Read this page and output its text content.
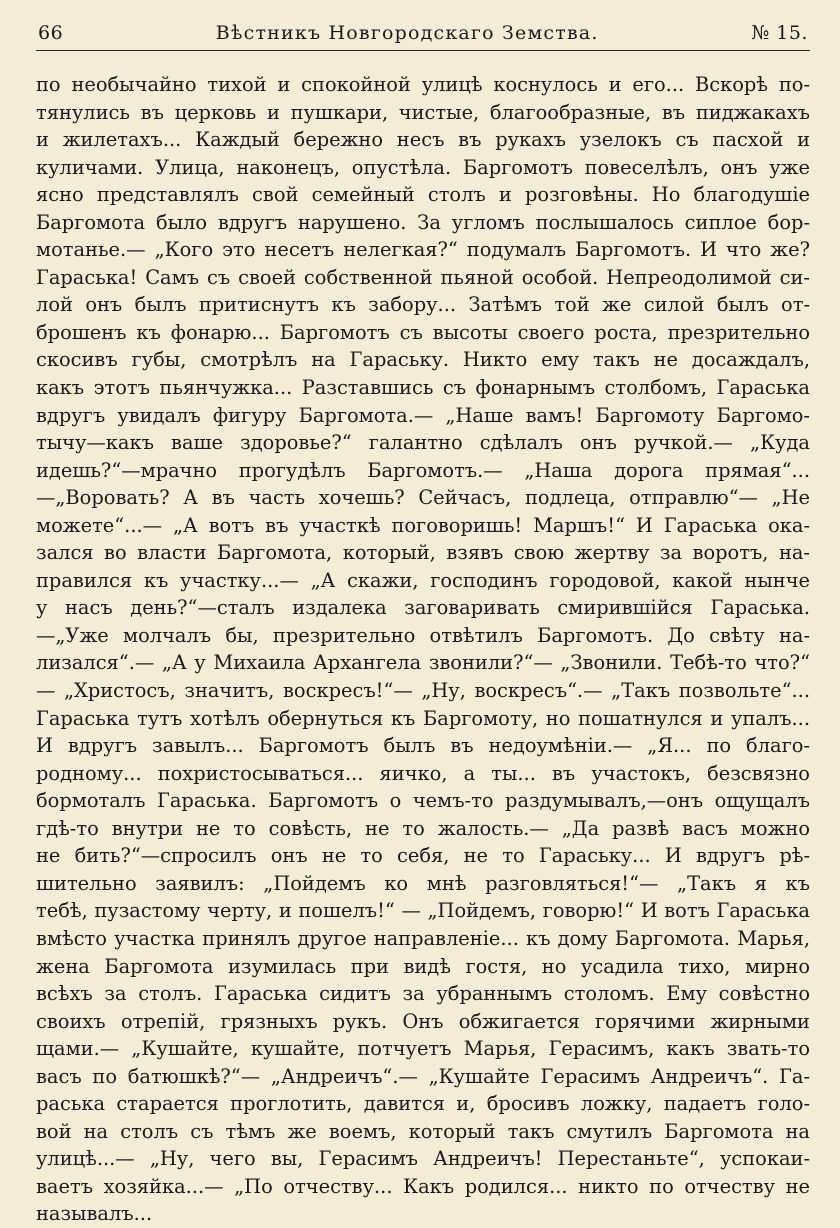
66	Вѣстникъ Новгородскаго Земства.	№ 15.
по необычайно тихой и спокойной улицѣ коснулось и его... Вскорѣ по-
тянулись въ церковь и пушкари, чистые, благообразные, въ пиджакахъ
и жилетахъ... Каждый бережно несъ въ рукахъ узелокъ съ пасхой и
куличами. Улица, наконецъ, опустѣла. Баргомотъ повеселѣлъ, онъ уже
ясно представлялъ свой семейный столъ и розговѣны. Но благодушіе
Баргомота было вдругъ нарушено. За угломъ послышалось сиплое бор-
мотанье.— „Кого это несетъ нелегкая?“ подумалъ Баргомотъ. И что же?
Гараська! Самъ съ своей собственной пьяной особой. Непреодолимой си-
лой онъ былъ притиснутъ къ забору... Затѣмъ той же силой былъ от-
брошенъ къ фонарю... Баргомотъ съ высоты своего роста, презрительно
скосивъ губы, смотрѣлъ на Гараську. Никто ему такъ не досаждалъ,
какъ этотъ пьянчужка... Разставшись съ фонарнымъ столбомъ, Гараська
вдругъ увидалъ фигуру Баргомота.— „Наше вамъ! Баргомоту Баргомо-
тычу—какъ ваше здоровье?“ галантно сдѣлалъ онъ ручкой.— „Куда
идешь?“—мрачно прогудѣлъ Баргомотъ.— „Наша дорога прямая“...
—„Воровать? А въ часть хочешь? Сейчасъ, подлеца, отправлю“— „Не
можете“...— „А вотъ въ участкѣ поговоришь! Маршъ!“ И Гараська ока-
зался во власти Баргомота, который, взявъ свою жертву за воротъ, на-
правился къ участку...— „А скажи, господинъ городовой, какой нынче
у насъ день?“—сталъ издалека заговаривать смирившійся Гараська.
—„Уже молчалъ бы, презрительно отвѣтилъ Баргомотъ. До свѣту на-
лизался“.— „А у Михаила Архангела звонили?“— „Звонили. Тебѣ-то что?“
— „Христосъ, значитъ, воскресъ!“— „Ну, воскресъ“.— „Такъ позвольте“...
Гараська тутъ хотѣлъ обернуться къ Баргомоту, но пошатнулся и упалъ...
И вдругъ завылъ... Баргомотъ былъ въ недоумѣніи.— „Я... по благо-
родному... похристосываться... яичко, а ты... въ участокъ, безсвязно
бормоталъ Гараська. Баргомотъ о чемъ-то раздумывалъ,—онъ ощущалъ
гдѣ-то внутри не то совѣсть, не то жалость.— „Да развѣ васъ можно
не бить?“—спросилъ онъ не то себя, не то Гараську... И вдругъ рѣ-
шительно заявилъ: „Пойдемъ ко мнѣ разговляться!“— „Такъ я къ
тебѣ, пузастому черту, и пошелъ!“ — „Пойдемъ, говорю!“ И вотъ Гараська
вмѣсто участка принялъ другое направленіе... къ дому Баргомота. Марья,
жена Баргомота изумилась при видѣ гостя, но усадила тихо, мирно
всѣхъ за столъ. Гараська сидитъ за убраннымъ столомъ. Ему совѣстно
своихъ отрепій, грязныхъ рукъ. Онъ обжигается горячими жирными
щами.— „Кушайте, кушайте, потчуетъ Марья, Герасимъ, какъ звать-то
васъ по батюшкѣ?“— „Андреичъ“.— „Кушайте Герасимъ Андреичъ“. Га-
раська старается проглотить, давится и, бросивъ ложку, падаетъ голо-
вой на столъ съ тѣмъ же воемъ, который такъ смутилъ Баргомота на
улицѣ...— „Ну, чего вы, Герасимъ Андреичъ! Перестаньте“, успокаи-
ваетъ хозяйка...— „По отчеству... Какъ родился... никто по отчеству не
называлъ...
